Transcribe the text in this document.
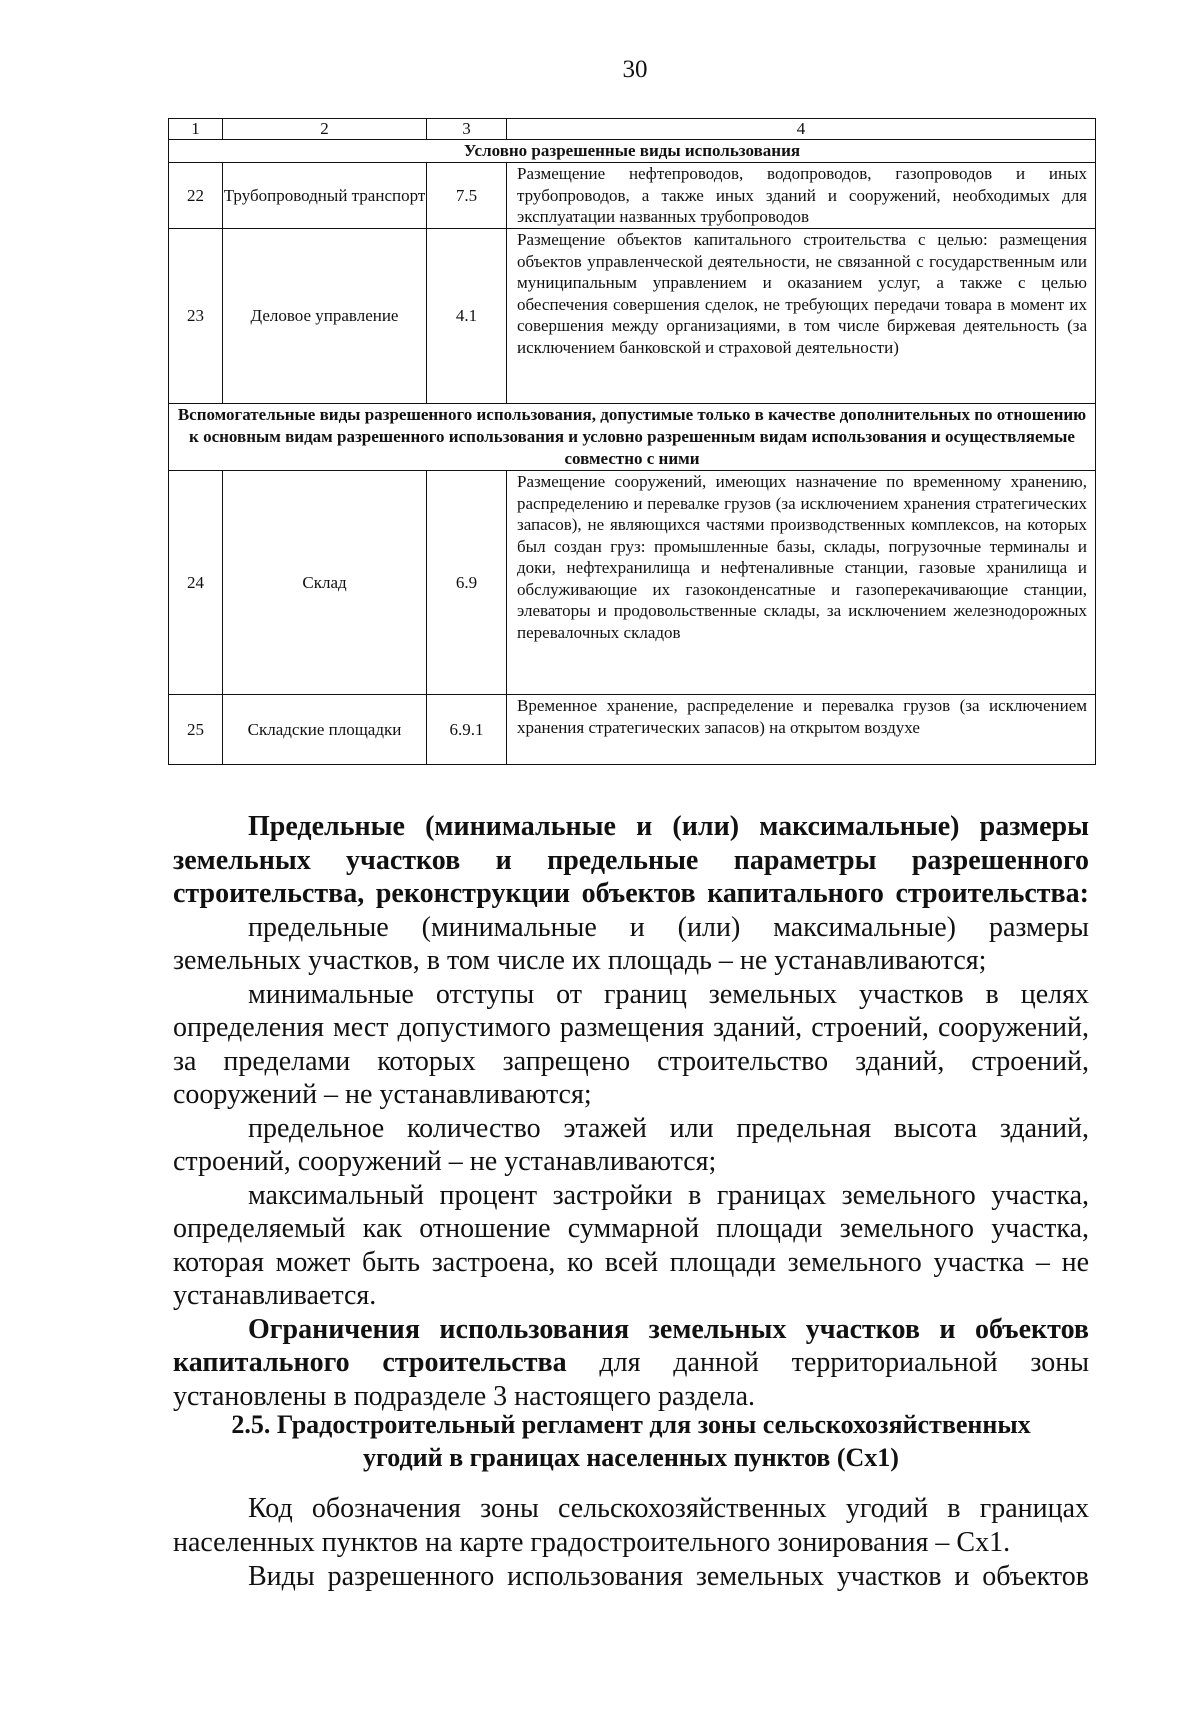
30
1	2	3	4
Условно разрешенные виды использования			
22	Трубопроводный транспорт	7.5	Размещение нефтепроводов, водопроводов, газопроводов и иных трубопроводов, а также иных зданий и сооружений, необходимых для эксплуатации названных трубопроводов
23	Деловое управление	4.1	Размещение объектов капитального строительства с целью: размещения объектов управленческой деятельности, не связанной с государственным или муниципальным управлением и оказанием услуг, а также с целью обеспечения совершения сделок, не требующих передачи товара в момент их совершения между организациями, в том числе биржевая деятельность (за исключением банковской и страховой деятельности)
Вспомогательные виды разрешенного использования, допустимые только в качестве дополнительных по отношению к основным видам разрешенного использования и условно разрешенным видам использования и осуществляемые совместно с ними			
24	Склад	6.9	Размещение сооружений, имеющих назначение по временному хранению, распределению и перевалке грузов (за исключением хранения стратегических запасов), не являющихся частями производственных комплексов, на которых был создан груз: промышленные базы, склады, погрузочные терминалы и доки, нефтехранилища и нефтеналивные станции, газовые хранилища и обслуживающие их газоконденсатные и газоперекачивающие станции, элеваторы и продовольственные склады, за исключением железнодорожных перевалочных складов
25	Складские площадки	6.9.1	Временное хранение, распределение и перевалка грузов (за исключением хранения стратегических запасов) на открытом воздухе

Предельные (минимальные и (или) максимальные) размеры земельных участков и предельные параметры разрешенного строительства, реконструкции объектов капитального строительства:

предельные (минимальные и (или) максимальные) размеры земельных участков, в том числе их площадь – не устанавливаются;

минимальные отступы от границ земельных участков в целях определения мест допустимого размещения зданий, строений, сооружений, за пределами которых запрещено строительство зданий, строений, сооружений – не устанавливаются;

предельное количество этажей или предельная высота зданий, строений, сооружений – не устанавливаются;

максимальный процент застройки в границах земельного участка, определяемый как отношение суммарной площади земельного участка, которая может быть застроена, ко всей площади земельного участка – не устанавливается.

Ограничения использования земельных участков и объектов капитального строительства для данной территориальной зоны установлены в подразделе 3 настоящего раздела.

2.5. Градостроительный регламент для зоны сельскохозяйственных
угодий в границах населенных пунктов (Сх1)

Код обозначения зоны сельскохозяйственных угодий в границах населенных пунктов на карте градостроительного зонирования – Сх1.

Виды разрешенного использования земельных участков и объектов
